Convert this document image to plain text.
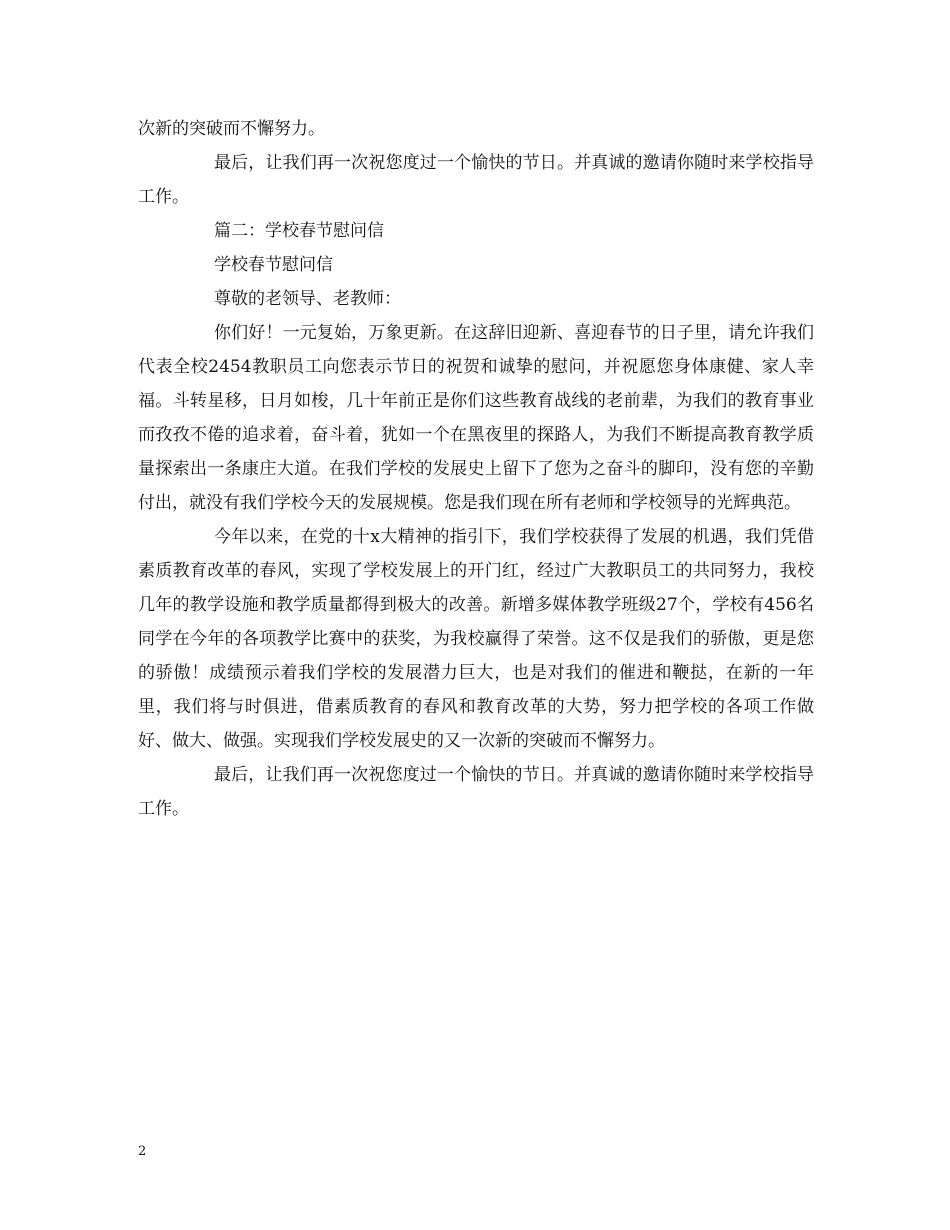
次新的突破而不懈努力。

最后，让我们再一次祝您度过一个愉快的节日。并真诚的邀请你随时来学校指导工作。

篇二：学校春节慰问信

学校春节慰问信

尊敬的老领导、老教师：

你们好！一元复始，万象更新。在这辞旧迎新、喜迎春节的日子里，请允许我们代表全校2454教职员工向您表示节日的祝贺和诚挚的慰问，并祝愿您身体康健、家人幸福。斗转星移，日月如梭，几十年前正是你们这些教育战线的老前辈，为我们的教育事业而孜孜不倦的追求着，奋斗着，犹如一个在黑夜里的探路人，为我们不断提高教育教学质量探索出一条康庄大道。在我们学校的发展史上留下了您为之奋斗的脚印，没有您的辛勤付出，就没有我们学校今天的发展规模。您是我们现在所有老师和学校领导的光辉典范。

今年以来，在党的十x大精神的指引下，我们学校获得了发展的机遇，我们凭借素质教育改革的春风，实现了学校发展上的开门红，经过广大教职员工的共同努力，我校几年的教学设施和教学质量都得到极大的改善。新增多媒体教学班级27个，学校有456名同学在今年的各项教学比赛中的获奖，为我校赢得了荣誉。这不仅是我们的骄傲，更是您的骄傲！成绩预示着我们学校的发展潜力巨大，也是对我们的催进和鞭挞，在新的一年里，我们将与时俱进，借素质教育的春风和教育改革的大势，努力把学校的各项工作做好、做大、做强。实现我们学校发展史的又一次新的突破而不懈努力。

最后，让我们再一次祝您度过一个愉快的节日。并真诚的邀请你随时来学校指导工作。

2
